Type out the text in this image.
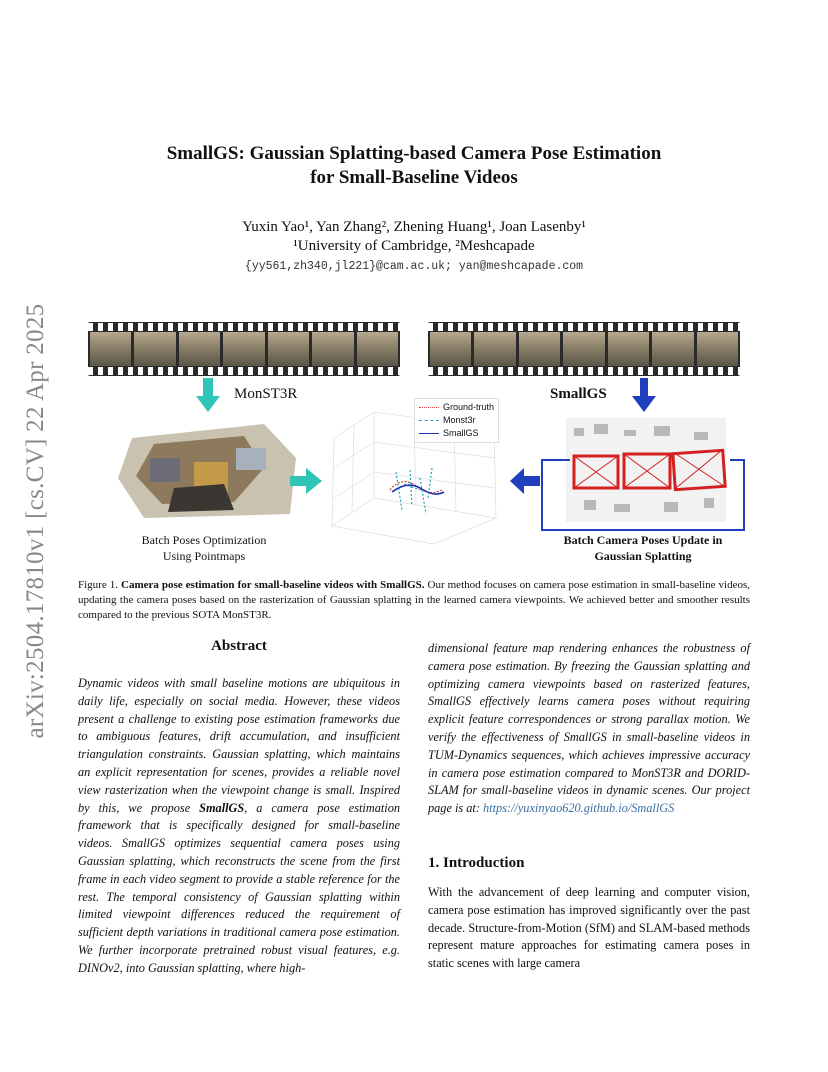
arXiv:2504.17810v1 [cs.CV] 22 Apr 2025
SmallGS: Gaussian Splatting-based Camera Pose Estimation
for Small-Baseline Videos
Yuxin Yao¹, Yan Zhang², Zhening Huang¹, Joan Lasenby¹
¹University of Cambridge, ²Meshcapade
{yy561,zh340,jl221}@cam.ac.uk; yan@meshcapade.com
MonST3R	SmallGS
Ground-truth
Monst3r
SmallGS
Batch Poses Optimization
Using Pointmaps
Batch Camera Poses Update in
Gaussian Splatting
Figure 1. Camera pose estimation for small-baseline videos with SmallGS. Our method focuses on camera pose estimation in small-baseline videos, updating the camera poses based on the rasterization of Gaussian splatting in the learned camera viewpoints. We achieved better and smoother results compared to the previous SOTA MonST3R.
Abstract
Dynamic videos with small baseline motions are ubiquitous in daily life, especially on social media. However, these videos present a challenge to existing pose estimation frameworks due to ambiguous features, drift accumulation, and insufficient triangulation constraints. Gaussian splatting, which maintains an explicit representation for scenes, provides a reliable novel view rasterization when the viewpoint change is small. Inspired by this, we propose SmallGS, a camera pose estimation framework that is specifically designed for small-baseline videos. SmallGS optimizes sequential camera poses using Gaussian splatting, which reconstructs the scene from the first frame in each video segment to provide a stable reference for the rest. The temporal consistency of Gaussian splatting within limited viewpoint differences reduced the requirement of sufficient depth variations in traditional camera pose estimation. We further incorporate pretrained robust visual features, e.g. DINOv2, into Gaussian splatting, where high-
dimensional feature map rendering enhances the robustness of camera pose estimation. By freezing the Gaussian splatting and optimizing camera viewpoints based on rasterized features, SmallGS effectively learns camera poses without requiring explicit feature correspondences or strong parallax motion. We verify the effectiveness of SmallGS in small-baseline videos in TUM-Dynamics sequences, which achieves impressive accuracy in camera pose estimation compared to MonST3R and DORID-SLAM for small-baseline videos in dynamic scenes. Our project page is at: https://yuxinyao620.github.io/SmallGS
1. Introduction
With the advancement of deep learning and computer vision, camera pose estimation has improved significantly over the past decade. Structure-from-Motion (SfM) and SLAM-based methods represent mature approaches for estimating camera poses in static scenes with large camera
